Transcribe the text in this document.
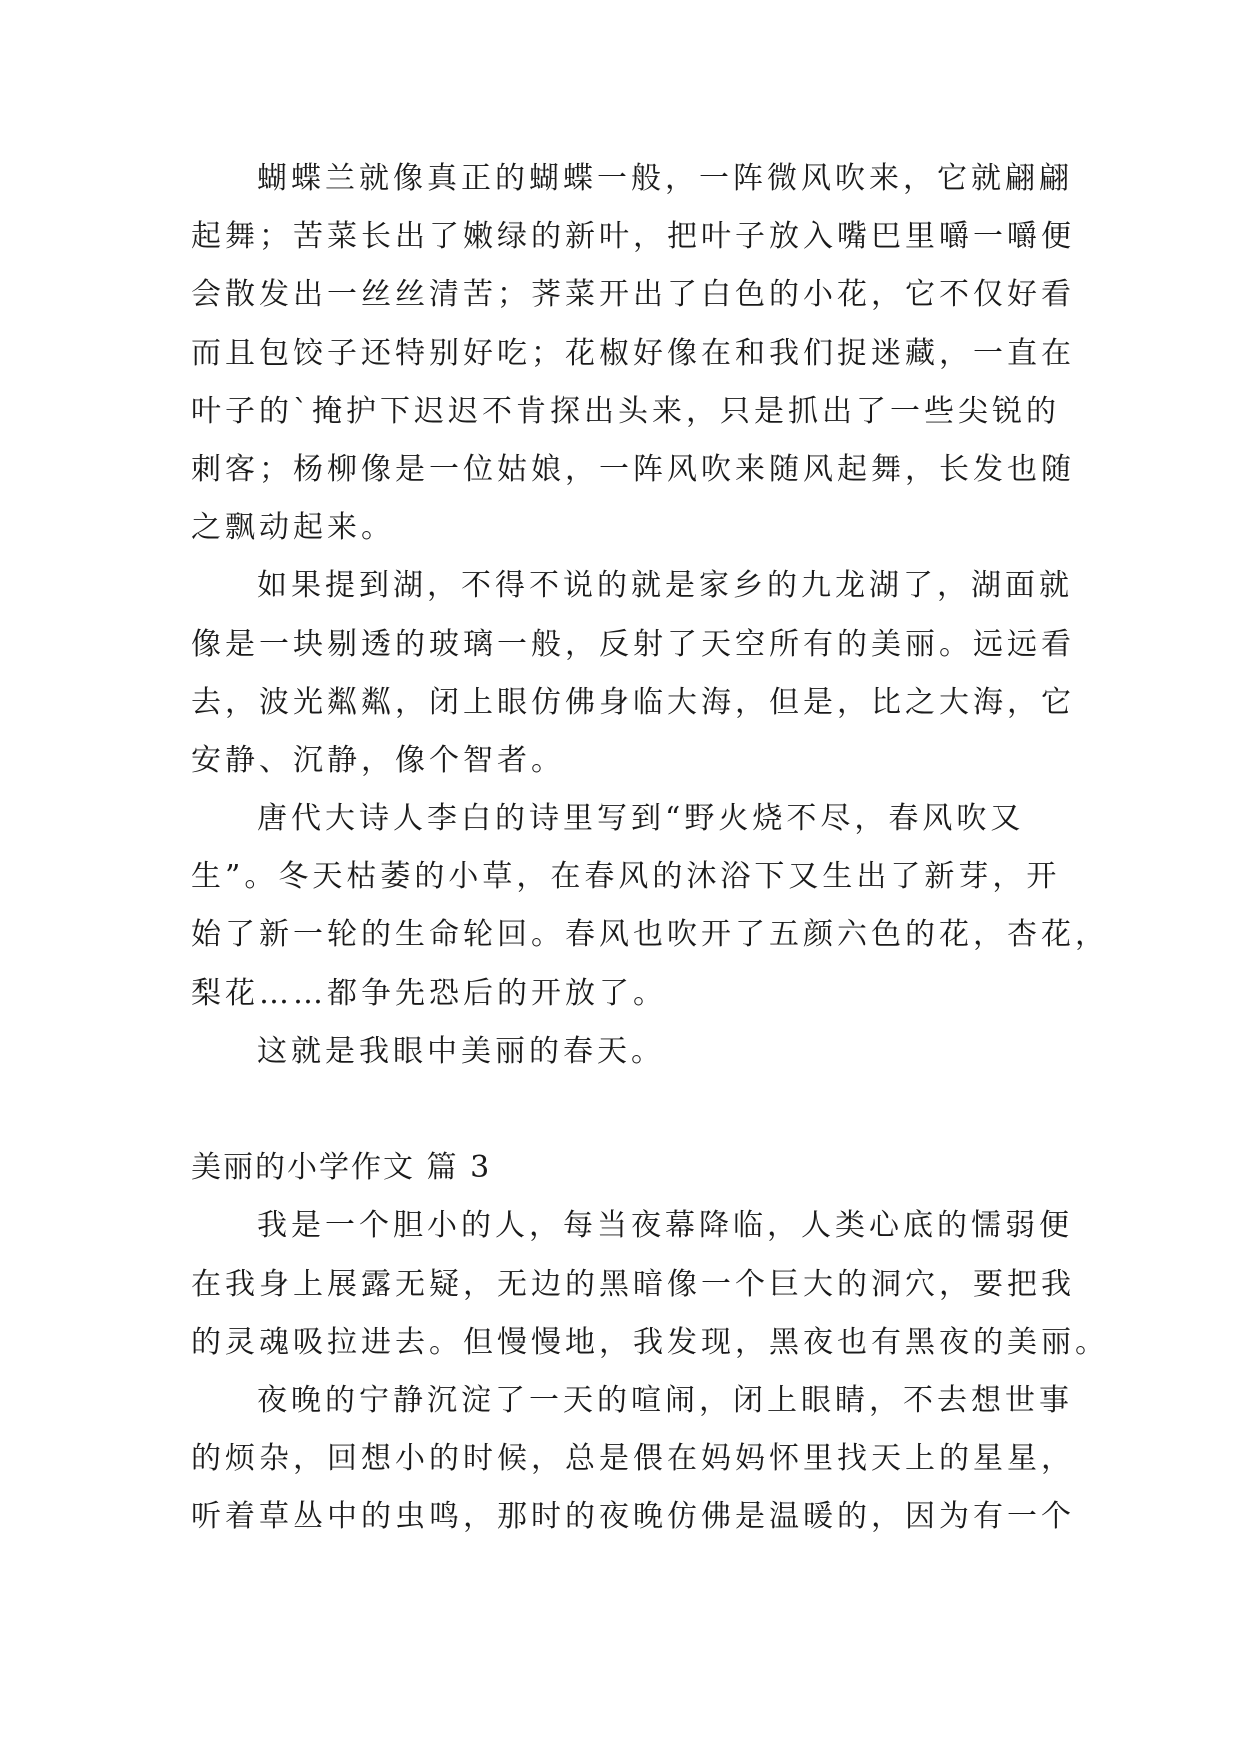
蝴蝶兰就像真正的蝴蝶一般，一阵微风吹来，它就翩翩
起舞；苦菜长出了嫩绿的新叶，把叶子放入嘴巴里嚼一嚼便
会散发出一丝丝清苦；荠菜开出了白色的小花，它不仅好看
而且包饺子还特别好吃；花椒好像在和我们捉迷藏，一直在
叶子的`掩护下迟迟不肯探出头来，只是抓出了一些尖锐的
刺客；杨柳像是一位姑娘，一阵风吹来随风起舞，长发也随
之飘动起来。
如果提到湖，不得不说的就是家乡的九龙湖了，湖面就
像是一块剔透的玻璃一般，反射了天空所有的美丽。远远看
去，波光粼粼，闭上眼仿佛身临大海，但是，比之大海，它
安静、沉静，像个智者。
唐代大诗人李白的诗里写到“野火烧不尽，春风吹又
生”。冬天枯萎的小草，在春风的沐浴下又生出了新芽，开
始了新一轮的生命轮回。春风也吹开了五颜六色的花，杏花，
梨花……都争先恐后的开放了。
这就是我眼中美丽的春天。
美丽的小学作文 篇 3
我是一个胆小的人，每当夜幕降临，人类心底的懦弱便
在我身上展露无疑，无边的黑暗像一个巨大的洞穴，要把我
的灵魂吸拉进去。但慢慢地，我发现，黑夜也有黑夜的美丽。
夜晚的宁静沉淀了一天的喧闹，闭上眼睛，不去想世事
的烦杂，回想小的时候，总是偎在妈妈怀里找天上的星星，
听着草丛中的虫鸣，那时的夜晚仿佛是温暖的，因为有一个
